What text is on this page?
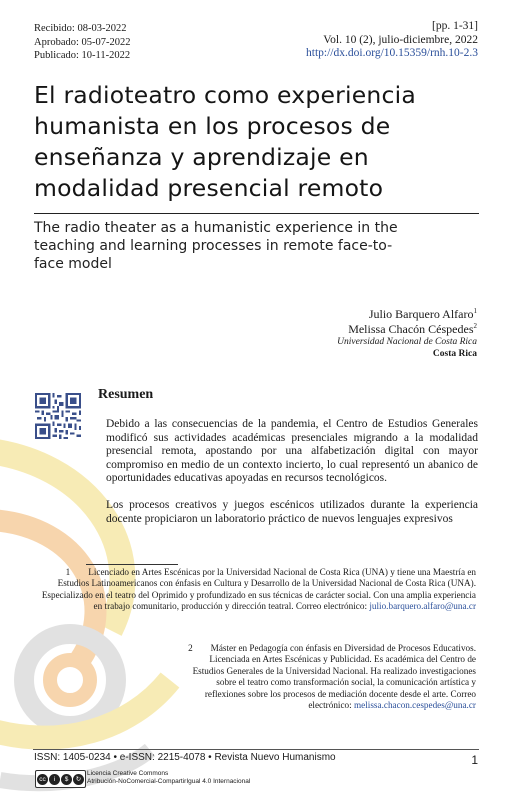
Recibido: 08-03-2022
Aprobado: 05-07-2022
Publicado: 10-11-2022
[pp. 1-31]
Vol. 10 (2), julio-diciembre, 2022
http://dx.doi.org/10.15359/rnh.10-2.3
El radioteatro como experiencia
humanista en los procesos de
enseñanza y aprendizaje en
modalidad presencial remoto
The radio theater as a humanistic experience in the
teaching and learning processes in remote face-to-
face model
Julio Barquero Alfaro$^1$
Melissa Chacón Céspedes$^2$
Universidad Nacional de Costa Rica
Costa Rica
Resumen

Debido a las consecuencias de la pandemia, el Centro de Estudios Generales modificó sus actividades académicas presenciales migrando a la modalidad presencial remota, apostando por una alfabetización digital con mayor compromiso en medio de un contexto incierto, lo cual representó un abanico de oportunidades educativas apoyadas en recursos tecnológicos.

Los procesos creativos y juegos escénicos utilizados durante la experiencia docente propiciaron un laboratorio práctico de nuevos lenguajes expresivos

1 Licenciado en Artes Escénicas por la Universidad Nacional de Costa Rica (UNA) y tiene una Maestría en Estudios Latinoamericanos con énfasis en Cultura y Desarrollo de la Universidad Nacional de Costa Rica (UNA). Especializado en el teatro del Oprimido y profundizado en sus técnicas de carácter social. Con una amplia experiencia en trabajo comunitario, producción y dirección teatral. Correo electrónico: julio.barquero.alfaro@una.cr
2 Máster en Pedagogía con énfasis en Diversidad de Procesos Educativos. Licenciada en Artes Escénicas y Publicidad. Es académica del Centro de Estudios Generales de la Universidad Nacional. Ha realizado investigaciones sobre el teatro como transformación social, la comunicación artística y reflexiones sobre los procesos de mediación docente desde el arte. Correo electrónico: melissa.chacon.cespedes@una.cr
ISSN: 1405-0234 • e-ISSN: 2215-4078 • Revista Nuevo Humanismo	1
cc	i	$	↻
Licencia Creative Commons
Atribución-NoComercial-CompartirIgual 4.0 Internacional
